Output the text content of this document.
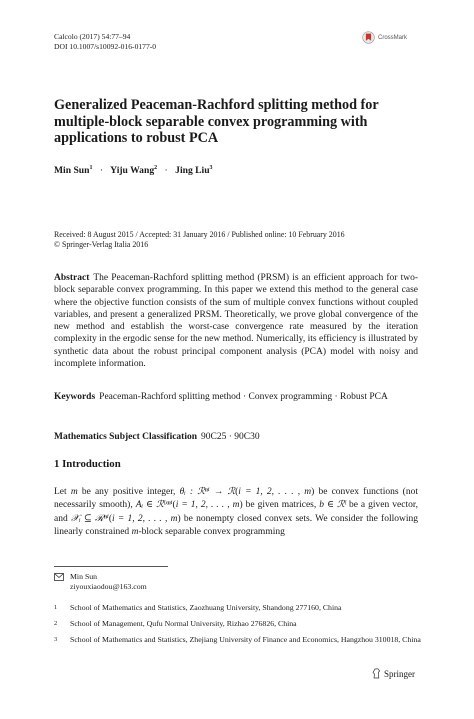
Calcolo (2017) 54:77–94
DOI 10.1007/s10092-016-0177-0
CrossMark
Generalized Peaceman-Rachford splitting method for multiple-block separable convex programming with applications to robust PCA
Min Sun$^1$ · Yiju Wang$^2$ · Jing Liu$^3$
Received: 8 August 2015 / Accepted: 31 January 2016 / Published online: 10 February 2016
© Springer-Verlag Italia 2016

Abstract The Peaceman-Rachford splitting method (PRSM) is an efficient approach for two-block separable convex programming. In this paper we extend this method to the general case where the objective function consists of the sum of multiple convex functions without coupled variables, and present a generalized PRSM. Theoretically, we prove global convergence of the new method and establish the worst-case convergence rate measured by the iteration complexity in the ergodic sense for the new method. Numerically, its efficiency is illustrated by synthetic data about the robust principal component analysis (PCA) model with noisy and incomplete information.

Keywords Peaceman-Rachford splitting method · Convex programming · Robust PCA

Mathematics Subject Classification 90C25 · 90C30

1 Introduction

Let m be any positive integer, θᵢ : ℛⁿⁱ → ℛ(i = 1, 2, . . . , m) be convex functions (not necessarily smooth), Aᵢ ∈ ℛˡˣⁿⁱ(i = 1, 2, . . . , m) be given matrices, b ∈ ℛˡ be a given vector, and 𝒳ᵢ ⊆ ℛⁿⁱ(i = 1, 2, . . . , m) be nonempty closed convex sets. We consider the following linearly constrained m-block separable convex programming

Min Sun
ziyouxiaodou@163.com
1	School of Mathematics and Statistics, Zaozhuang University, Shandong 277160, China
2	School of Management, Qufu Normal University, Rizhao 276826, China
3	School of Mathematics and Statistics, Zhejiang University of Finance and Economics, Hangzhou 310018, China
Springer
